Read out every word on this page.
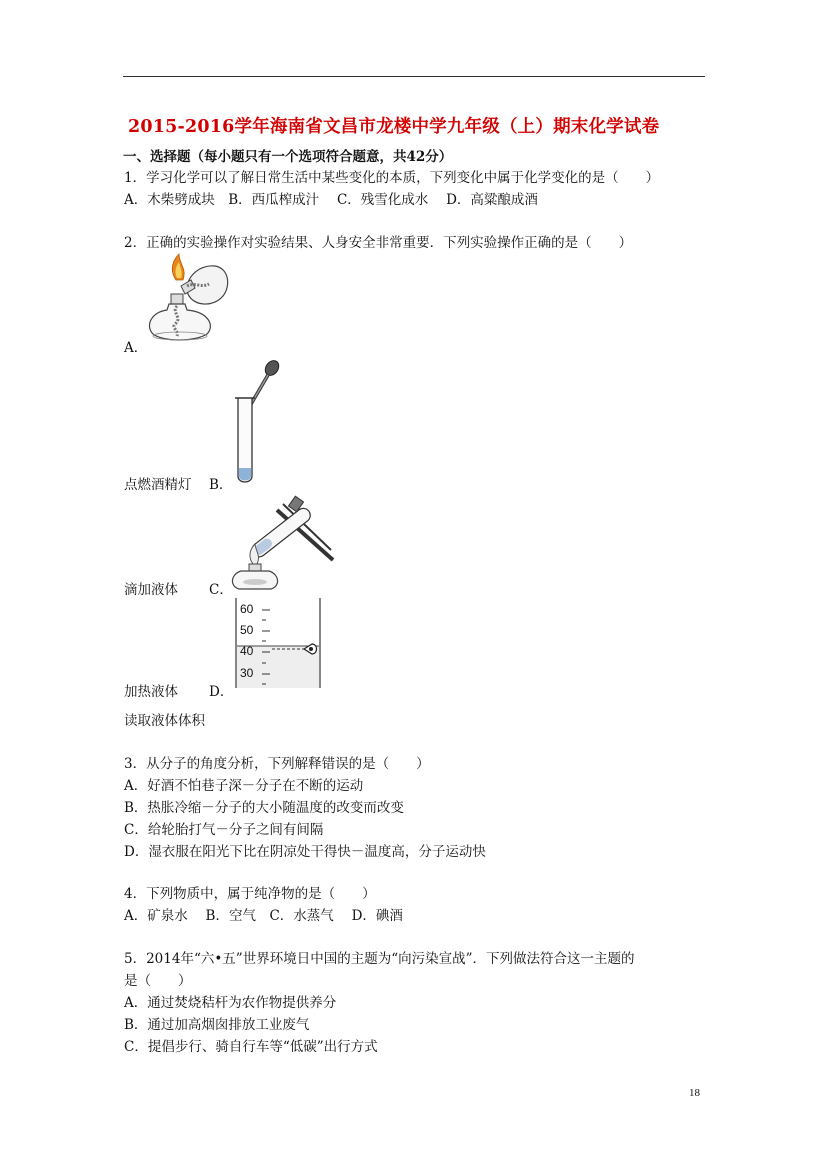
2015-2016学年海南省文昌市龙楼中学九年级（上）期末化学试卷
一、选择题（每小题只有一个选项符合题意，共42分）
1．学习化学可以了解日常生活中某些变化的本质，下列变化中属于化学变化的是（　　）
A．木柴劈成块　B．西瓜榨成汁　 C．残雪化成水　 D．高粱酿成酒
2．正确的实验操作对实验结果、人身安全非常重要．下列实验操作正确的是（　　）
A．
点燃酒精灯 B．
滴加液体 C．
60
50
40
30
加热液体 D．
读取液体体积
3．从分子的角度分析，下列解释错误的是（　　）
A．好酒不怕巷子深－分子在不断的运动
B．热胀冷缩－分子的大小随温度的改变而改变
C．给轮胎打气－分子之间有间隔
D．湿衣服在阳光下比在阴凉处干得快－温度高，分子运动快
4．下列物质中，属于纯净物的是（　　）
A．矿泉水　 B．空气　C．水蒸气　 D．碘酒
5．2014年“六•五”世界环境日中国的主题为“向污染宣战”．下列做法符合这一主题的
是（　　）
A．通过焚烧秸杆为农作物提供养分
B．通过加高烟囱排放工业废气
C．提倡步行、骑自行车等“低碳”出行方式
18
